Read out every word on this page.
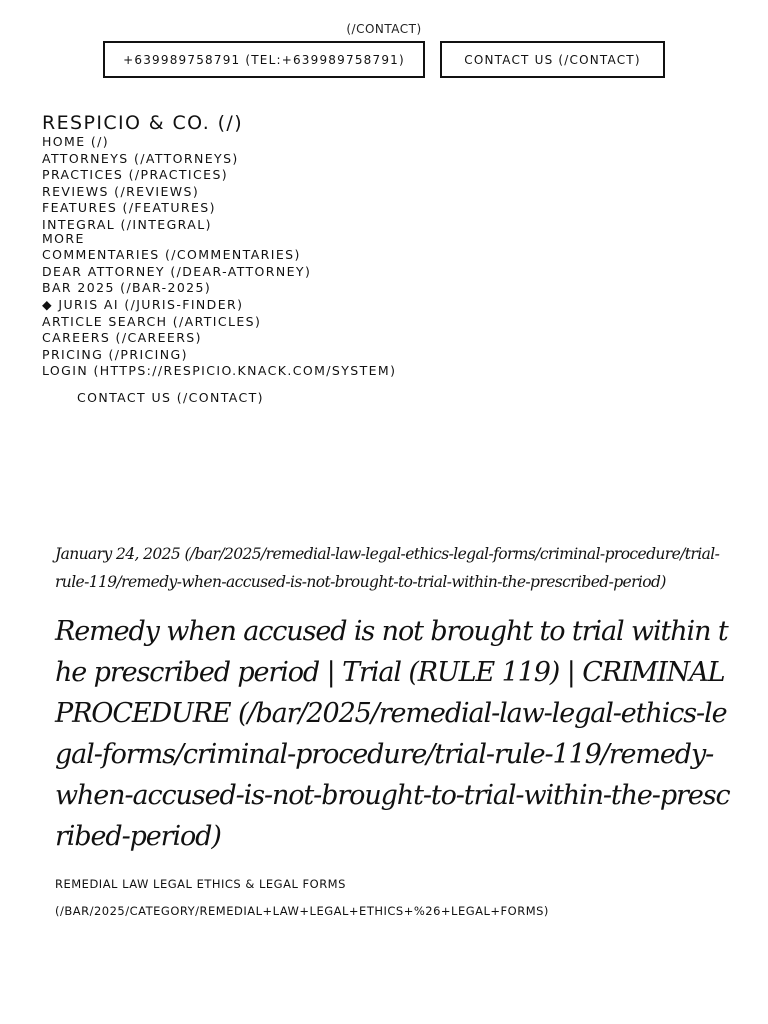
(/CONTACT)
+639989758791 (TEL:+639989758791)	CONTACT US (/CONTACT)
RESPICIO & CO. (/)
HOME (/)
ATTORNEYS (/ATTORNEYS)
PRACTICES (/PRACTICES)
REVIEWS (/REVIEWS)
FEATURES (/FEATURES)
INTEGRAL (/INTEGRAL)
MORE
COMMENTARIES (/COMMENTARIES)
DEAR ATTORNEY (/DEAR-ATTORNEY)
BAR 2025 (/BAR-2025)
◆ JURIS AI (/JURIS-FINDER)
ARTICLE SEARCH (/ARTICLES)
CAREERS (/CAREERS)
PRICING (/PRICING)
LOGIN (HTTPS://RESPICIO.KNACK.COM/SYSTEM)
CONTACT US (/CONTACT)
January 24, 2025 (/bar/2025/remedial-law-legal-ethics-legal-forms/criminal-procedure/trial-rule-119/remedy-when-accused-is-not-brought-to-trial-within-the-prescribed-period)
Remedy when accused is not brought to trial within the prescribed period | Trial (RULE 119) | CRIMINAL PROCEDURE (/bar/2025/remedial-law-legal-ethics-legal-forms/criminal-procedure/trial-rule-119/remedy-when-accused-is-not-brought-to-trial-within-the-prescribed-period)
REMEDIAL LAW LEGAL ETHICS & LEGAL FORMS (/BAR/2025/CATEGORY/REMEDIAL+LAW+LEGAL+ETHICS+%26+LEGAL+FORMS)
